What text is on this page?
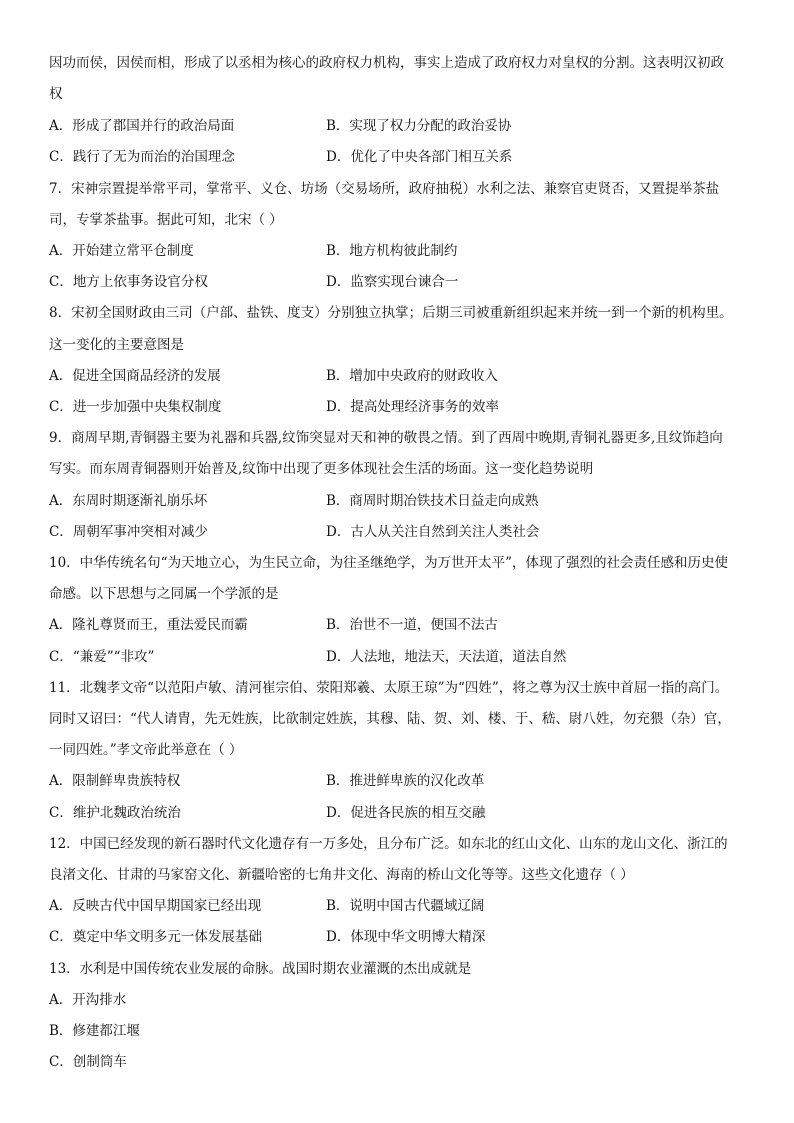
因功而侯，因侯而相，形成了以丞相为核心的政府权力机构，事实上造成了政府权力对皇权的分割。这表明汉初政
权
A．形成了郡国并行的政治局面	B．实现了权力分配的政治妥协
C．践行了无为而治的治国理念	D．优化了中央各部门相互关系
7．宋神宗置提举常平司，掌常平、义仓、坊场（交易场所，政府抽税）水利之法、兼察官吏贤否，又置提举茶盐
司，专掌茶盐事。据此可知，北宋（ ）
A．开始建立常平仓制度	B．地方机构彼此制约
C．地方上依事务设官分权	D．监察实现台谏合一
8．宋初全国财政由三司（户部、盐铁、度支）分别独立执掌；后期三司被重新组织起来并统一到一个新的机构里。
这一变化的主要意图是
A．促进全国商品经济的发展	B．增加中央政府的财政收入
C．进一步加强中央集权制度	D．提高处理经济事务的效率
9．商周早期,青铜器主要为礼器和兵器,纹饰突显对天和神的敬畏之情。到了西周中晚期,青铜礼器更多,且纹饰趋向
写实。而东周青铜器则开始普及,纹饰中出现了更多体现社会生活的场面。这一变化趋势说明
A．东周时期逐渐礼崩乐坏	B．商周时期冶铁技术日益走向成熟
C．周朝军事冲突相对减少	D．古人从关注自然到关注人类社会
10．中华传统名句“为天地立心，为生民立命，为往圣继绝学，为万世开太平”，体现了强烈的社会责任感和历史使
命感。以下思想与之同属一个学派的是
A．隆礼尊贤而王，重法爱民而霸	B．治世不一道，便国不法古
C．“兼爱”“非攻”	D．人法地，地法天，天法道，道法自然
11．北魏孝文帝“以范阳卢敏、清河崔宗伯、荥阳郑羲、太原王琼”为“四姓”，将之尊为汉士族中首屈一指的高门。
同时又诏曰：“代人请胄，先无姓族，比欲制定姓族，其穆、陆、贺、刘、楼、于、嵇、尉八姓，勿充猥（杂）官，
一同四姓。”孝文帝此举意在（ ）
A．限制鲜卑贵族特权	B．推进鲜卑族的汉化改革
C．维护北魏政治统治	D．促进各民族的相互交融
12．中国已经发现的新石器时代文化遗存有一万多处，且分布广泛。如东北的红山文化、山东的龙山文化、浙江的
良渚文化、甘肃的马家窑文化、新疆哈密的七角井文化、海南的桥山文化等等。这些文化遗存（ ）
A．反映古代中国早期国家已经出现	B．说明中国古代疆域辽阔
C．奠定中华文明多元一体发展基础	D．体现中华文明博大精深
13．水利是中国传统农业发展的命脉。战国时期农业灌溉的杰出成就是
A．开沟排水
B．修建都江堰
C．创制筒车
